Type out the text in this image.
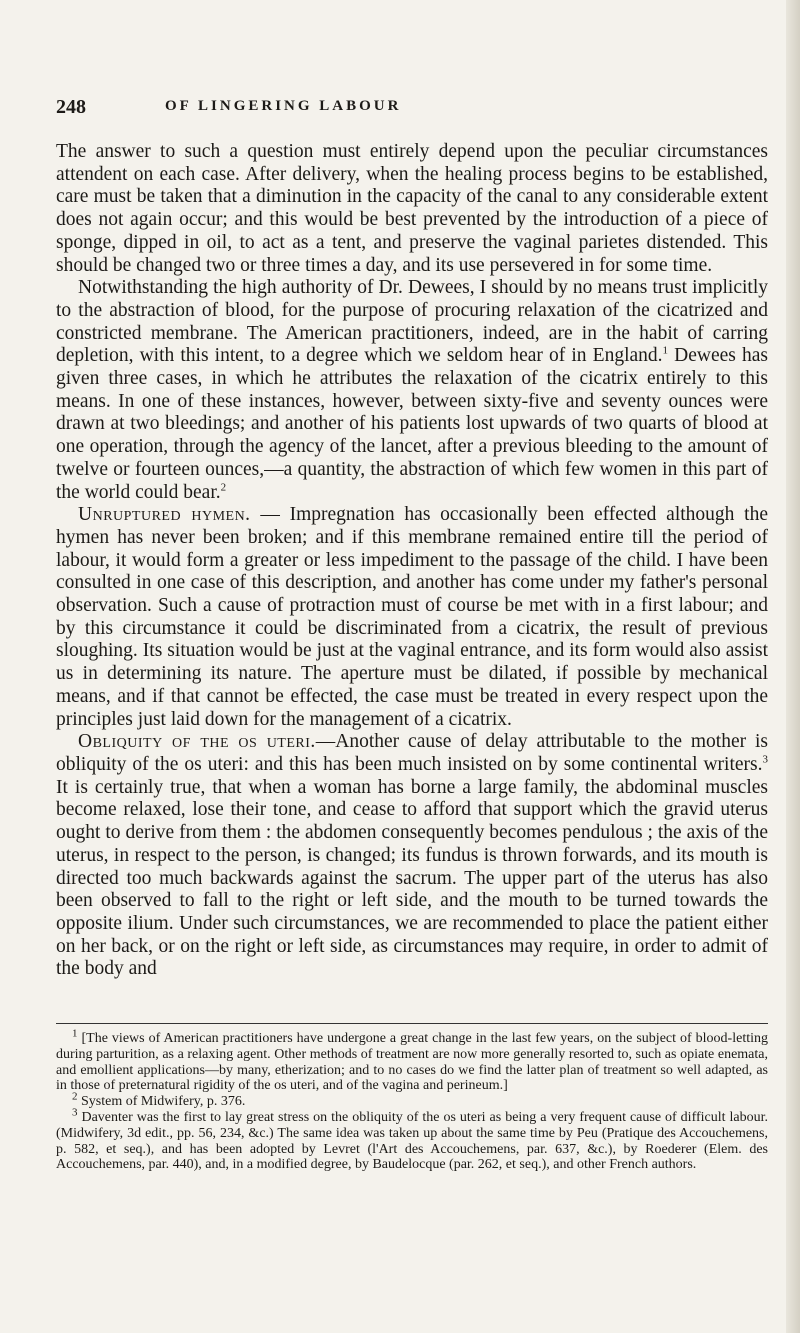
248	OF LINGERING LABOUR

The answer to such a question must entirely depend upon the peculiar circumstances attendent on each case. After delivery, when the healing process begins to be established, care must be taken that a diminution in the capacity of the canal to any considerable extent does not again occur; and this would be best prevented by the introduction of a piece of sponge, dipped in oil, to act as a tent, and preserve the vaginal parietes distended. This should be changed two or three times a day, and its use persevered in for some time.

Notwithstanding the high authority of Dr. Dewees, I should by no means trust implicitly to the abstraction of blood, for the purpose of procuring relaxation of the cicatrized and constricted membrane. The American practitioners, indeed, are in the habit of carring depletion, with this intent, to a degree which we seldom hear of in England.$^1$ Dewees has given three cases, in which he attributes the relaxation of the cicatrix entirely to this means. In one of these instances, however, between sixty-five and seventy ounces were drawn at two bleedings; and another of his patients lost upwards of two quarts of blood at one operation, through the agency of the lancet, after a previous bleeding to the amount of twelve or fourteen ounces,—a quantity, the abstraction of which few women in this part of the world could bear.$^2$

Unruptured hymen. — Impregnation has occasionally been effected although the hymen has never been broken; and if this membrane remained entire till the period of labour, it would form a greater or less impediment to the passage of the child. I have been consulted in one case of this description, and another has come under my father's personal observation. Such a cause of protraction must of course be met with in a first labour; and by this circumstance it could be discriminated from a cicatrix, the result of previous sloughing. Its situation would be just at the vaginal entrance, and its form would also assist us in determining its nature. The aperture must be dilated, if possible by mechanical means, and if that cannot be effected, the case must be treated in every respect upon the principles just laid down for the management of a cicatrix.

Obliquity of the os uteri.—Another cause of delay attributable to the mother is obliquity of the os uteri: and this has been much insisted on by some continental writers.$^3$ It is certainly true, that when a woman has borne a large family, the abdominal muscles become relaxed, lose their tone, and cease to afford that support which the gravid uterus ought to derive from them : the abdomen consequently becomes pendulous ; the axis of the uterus, in respect to the person, is changed; its fundus is thrown forwards, and its mouth is directed too much backwards against the sacrum. The upper part of the uterus has also been observed to fall to the right or left side, and the mouth to be turned towards the opposite ilium. Under such circumstances, we are recommended to place the patient either on her back, or on the right or left side, as circumstances may require, in order to admit of the body and

$^1$ [The views of American practitioners have undergone a great change in the last few years, on the subject of blood-letting during parturition, as a relaxing agent. Other methods of treatment are now more generally resorted to, such as opiate enemata, and emollient applications—by many, etherization; and to no cases do we find the latter plan of treatment so well adapted, as in those of preternatural rigidity of the os uteri, and of the vagina and perineum.]

$^2$ System of Midwifery, p. 376.

$^3$ Daventer was the first to lay great stress on the obliquity of the os uteri as being a very frequent cause of difficult labour. (Midwifery, 3d edit., pp. 56, 234, &c.) The same idea was taken up about the same time by Peu (Pratique des Accouchemens, p. 582, et seq.), and has been adopted by Levret (l'Art des Accouchemens, par. 637, &c.), by Roederer (Elem. des Accouchemens, par. 440), and, in a modified degree, by Baudelocque (par. 262, et seq.), and other French authors.
